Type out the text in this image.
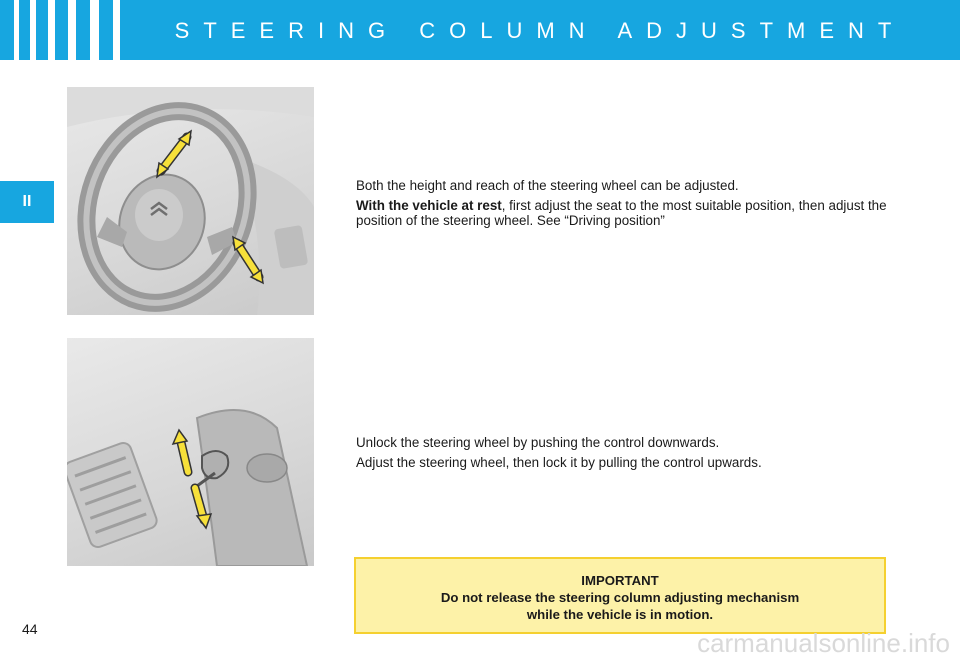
STEERING COLUMN ADJUSTMENT
II

Both the height and reach of the steering wheel can be adjusted.

With the vehicle at rest, first adjust the seat to the most suitable position, then adjust the position of the steering wheel. See “Driving position”

Unlock the steering wheel by pushing the control downwards.

Adjust the steering wheel, then lock it by pulling the control upwards.

IMPORTANT
Do not release the steering column adjusting mechanism
while the vehicle is in motion.
44	carmanualsonline.info
